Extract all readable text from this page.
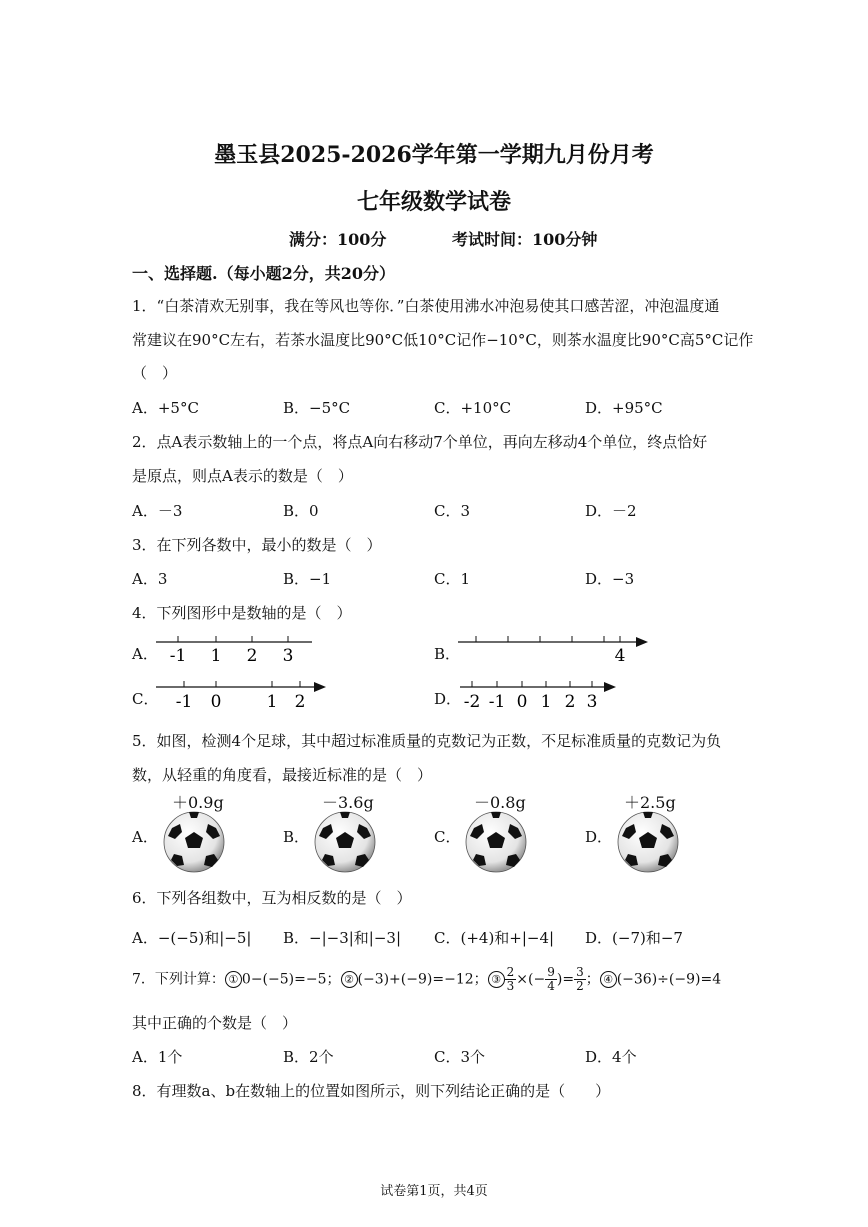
墨玉县2025-2026学年第一学期九月份月考
七年级数学试卷
满分：100分	考试时间：100分钟
一、选择题.（每小题2分，共20分）
1．“白茶清欢无别事，我在等风也等你．”白茶使用沸水冲泡易使其口感苦涩，冲泡温度通
常建议在90°C左右，若茶水温度比90°C低10°C记作−10°C，则茶水温度比90°C高5°C记作
（　）
A．+5°C	B．−5°C	C．+10°C	D．+95°C
2．点A表示数轴上的一个点，将点A向右移动7个单位，再向左移动4个单位，终点恰好
是原点，则点A表示的数是（　）
A．－3	B．0	C．3	D．－2
3．在下列各数中，最小的数是（　）
A．3	B．−1	C．1	D．−3
4．下列图形中是数轴的是（　）
A． -1 1 2 3	B．	4
C． -1 0	1 2	D． -2 -1 0 1 2 3
5．如图，检测4个足球，其中超过标准质量的克数记为正数，不足标准质量的克数记为负
数，从轻重的角度看，最接近标准的是（　）
＋0.9g	－3.6g	－0.8g	＋2.5g
A．	B．	C．	D．
6．下列各组数中，互为相反数的是（　）
A．−(−5)和|−5| B．−|−3|和|−3| C．(+4)和+|−4| D．(−7)和−7
7．下列计算： ① 0−(−5)=−5； ② (−3)+(−9)=−12； ③ $\frac{2}{3}$ ×(− $\frac{9}{4}$ )= $\frac{3}{2}$ ； ④ (−36)÷(−9)=4
其中正确的个数是（　）
A．1个	B．2个	C．3个	D．4个
8．有理数a、b在数轴上的位置如图所示，则下列结论正确的是（　　）
试卷第1页，共4页
